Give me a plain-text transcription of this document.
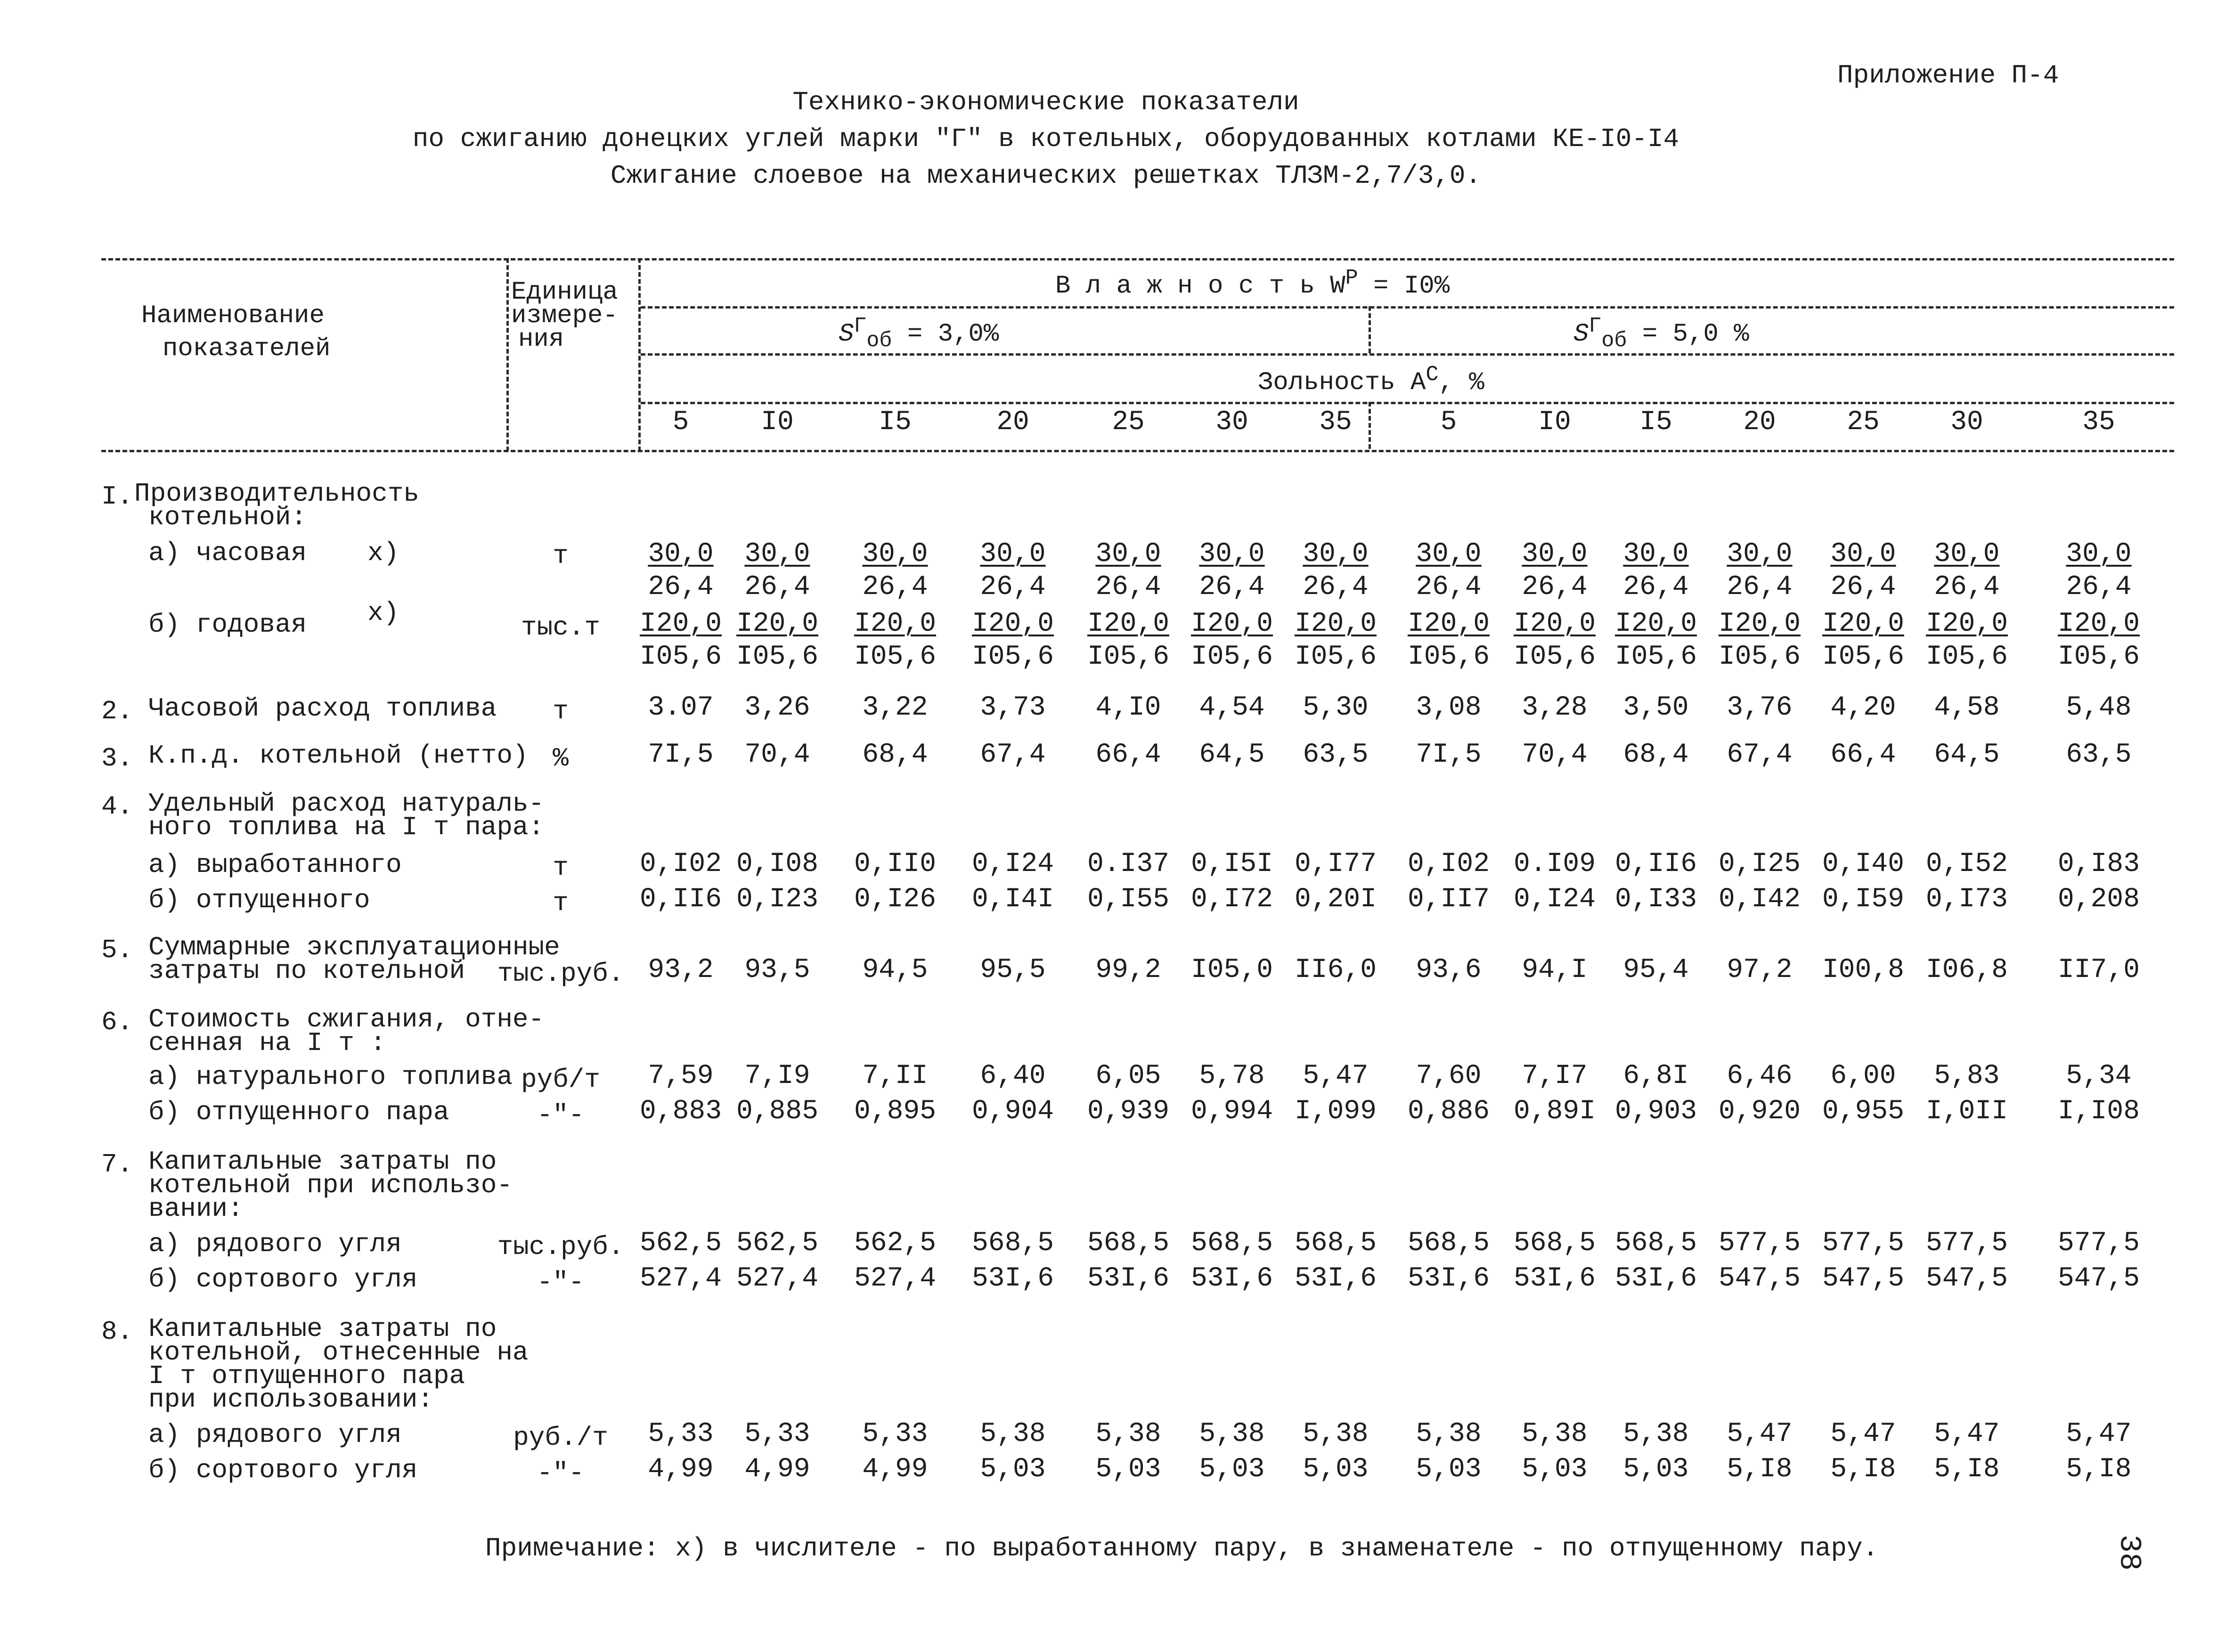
Приложение П-4
Технико-экономические показатели
по сжиганию донецких углей марки "Г" в котельных, оборудованных котлами КЕ-I0-I4
Сжигание слоевое на механических решетках ТЛЗМ-2,7/3,0.
Наименование
показателей
Единица
измере-
ния
В л а ж н о с т ь $W^P = I0\%$
$S^Г_{об} = 3,0\%$	$S^Г_{об} = 5,0$ %
Зольность $А^С$, %
5	I0	I5	20	25	30	35	5	I0	I5	20	25	30	35
I. Производительность
котельной:
а) часовая x)	т	30,0	30,0	30,0	30,0	30,0	30,0	30,0	30,0	30,0	30,0	30,0	30,0	30,0	30,0
26,4	26,4	26,4	26,4	26,4	26,4	26,4	26,4	26,4	26,4	26,4	26,4	26,4	26,4
б) годовая x)	тыс.т	I20,0 I20,0	I20,0	I20,0	I20,0 I20,0 I20,0	I20,0 I20,0 I20,0 I20,0 I20,0 I20,0	I20,0
I05,6 I05,6	I05,6	I05,6	I05,6 I05,6 I05,6	I05,6 I05,6 I05,6 I05,6 I05,6 I05,6	I05,6
2. Часовой расход топлива	т	3.07	3,26	3,22	3,73	4,I0	4,54	5,30	3,08	3,28	3,50	3,76	4,20	4,58	5,48
3. К.п.д. котельной (нетто) %	7I,5	70,4	68,4	67,4	66,4	64,5	63,5	7I,5	70,4	68,4	67,4	66,4	64,5	63,5
4. Удельный расход натураль-
ного топлива на I т пара:
а) выработанного	т	0,I02 0,I08	0,II0	0,I24	0.I37 0,I5I 0,I77	0,I02 0.I09 0,II6 0,I25 0,I40 0,I52	0,I83
б) отпущенного	т	0,II6 0,I23	0,I26	0,I4I	0,I55 0,I72 0,20I	0,II7 0,I24 0,I33 0,I42 0,I59 0,I73	0,208
5. Суммарные эксплуатационные
затраты по котельной тыс.руб. 93,2	93,5	94,5	95,5	99,2	I05,0 II6,0	93,6	94,I	95,4	97,2	I00,8 I06,8	II7,0
6. Стоимость сжигания, отне-
сенная на I т :
а) натурального топлива руб/т	7,59	7,I9	7,II	6,40	6,05	5,78	5,47	7,60	7,I7	6,8I	6,46	6,00	5,83	5,34
б) отпущенного пара	-"-	0,883 0,885	0,895	0,904	0,939 0,994 I,099	0,886 0,89I 0,903 0,920 0,955 I,0II	I,I08
7. Капитальные затраты по
котельной при использо-
вании:
а) рядового угля	тыс.руб. 562,5 562,5	562,5	568,5	568,5 568,5 568,5	568,5 568,5 568,5 577,5 577,5 577,5	577,5
б) сортового угля	-"-	527,4 527,4	527,4	53I,6	53I,6 53I,6 53I,6	53I,6 53I,6 53I,6 547,5 547,5 547,5	547,5
8. Капитальные затраты по
котельной, отнесенные на
I т отпущенного пара
при использовании:
а) рядового угля	руб./т	5,33	5,33	5,33	5,38	5,38	5,38	5,38	5,38	5,38	5,38	5,47	5,47	5,47	5,47
б) сортового угля	-"-	4,99	4,99	4,99	5,03	5,03	5,03	5,03	5,03	5,03	5,03	5,I8	5,I8	5,I8	5,I8
Примечание: x) в числителе - по выработанному пару, в знаменателе - по отпущенному пару.	38
